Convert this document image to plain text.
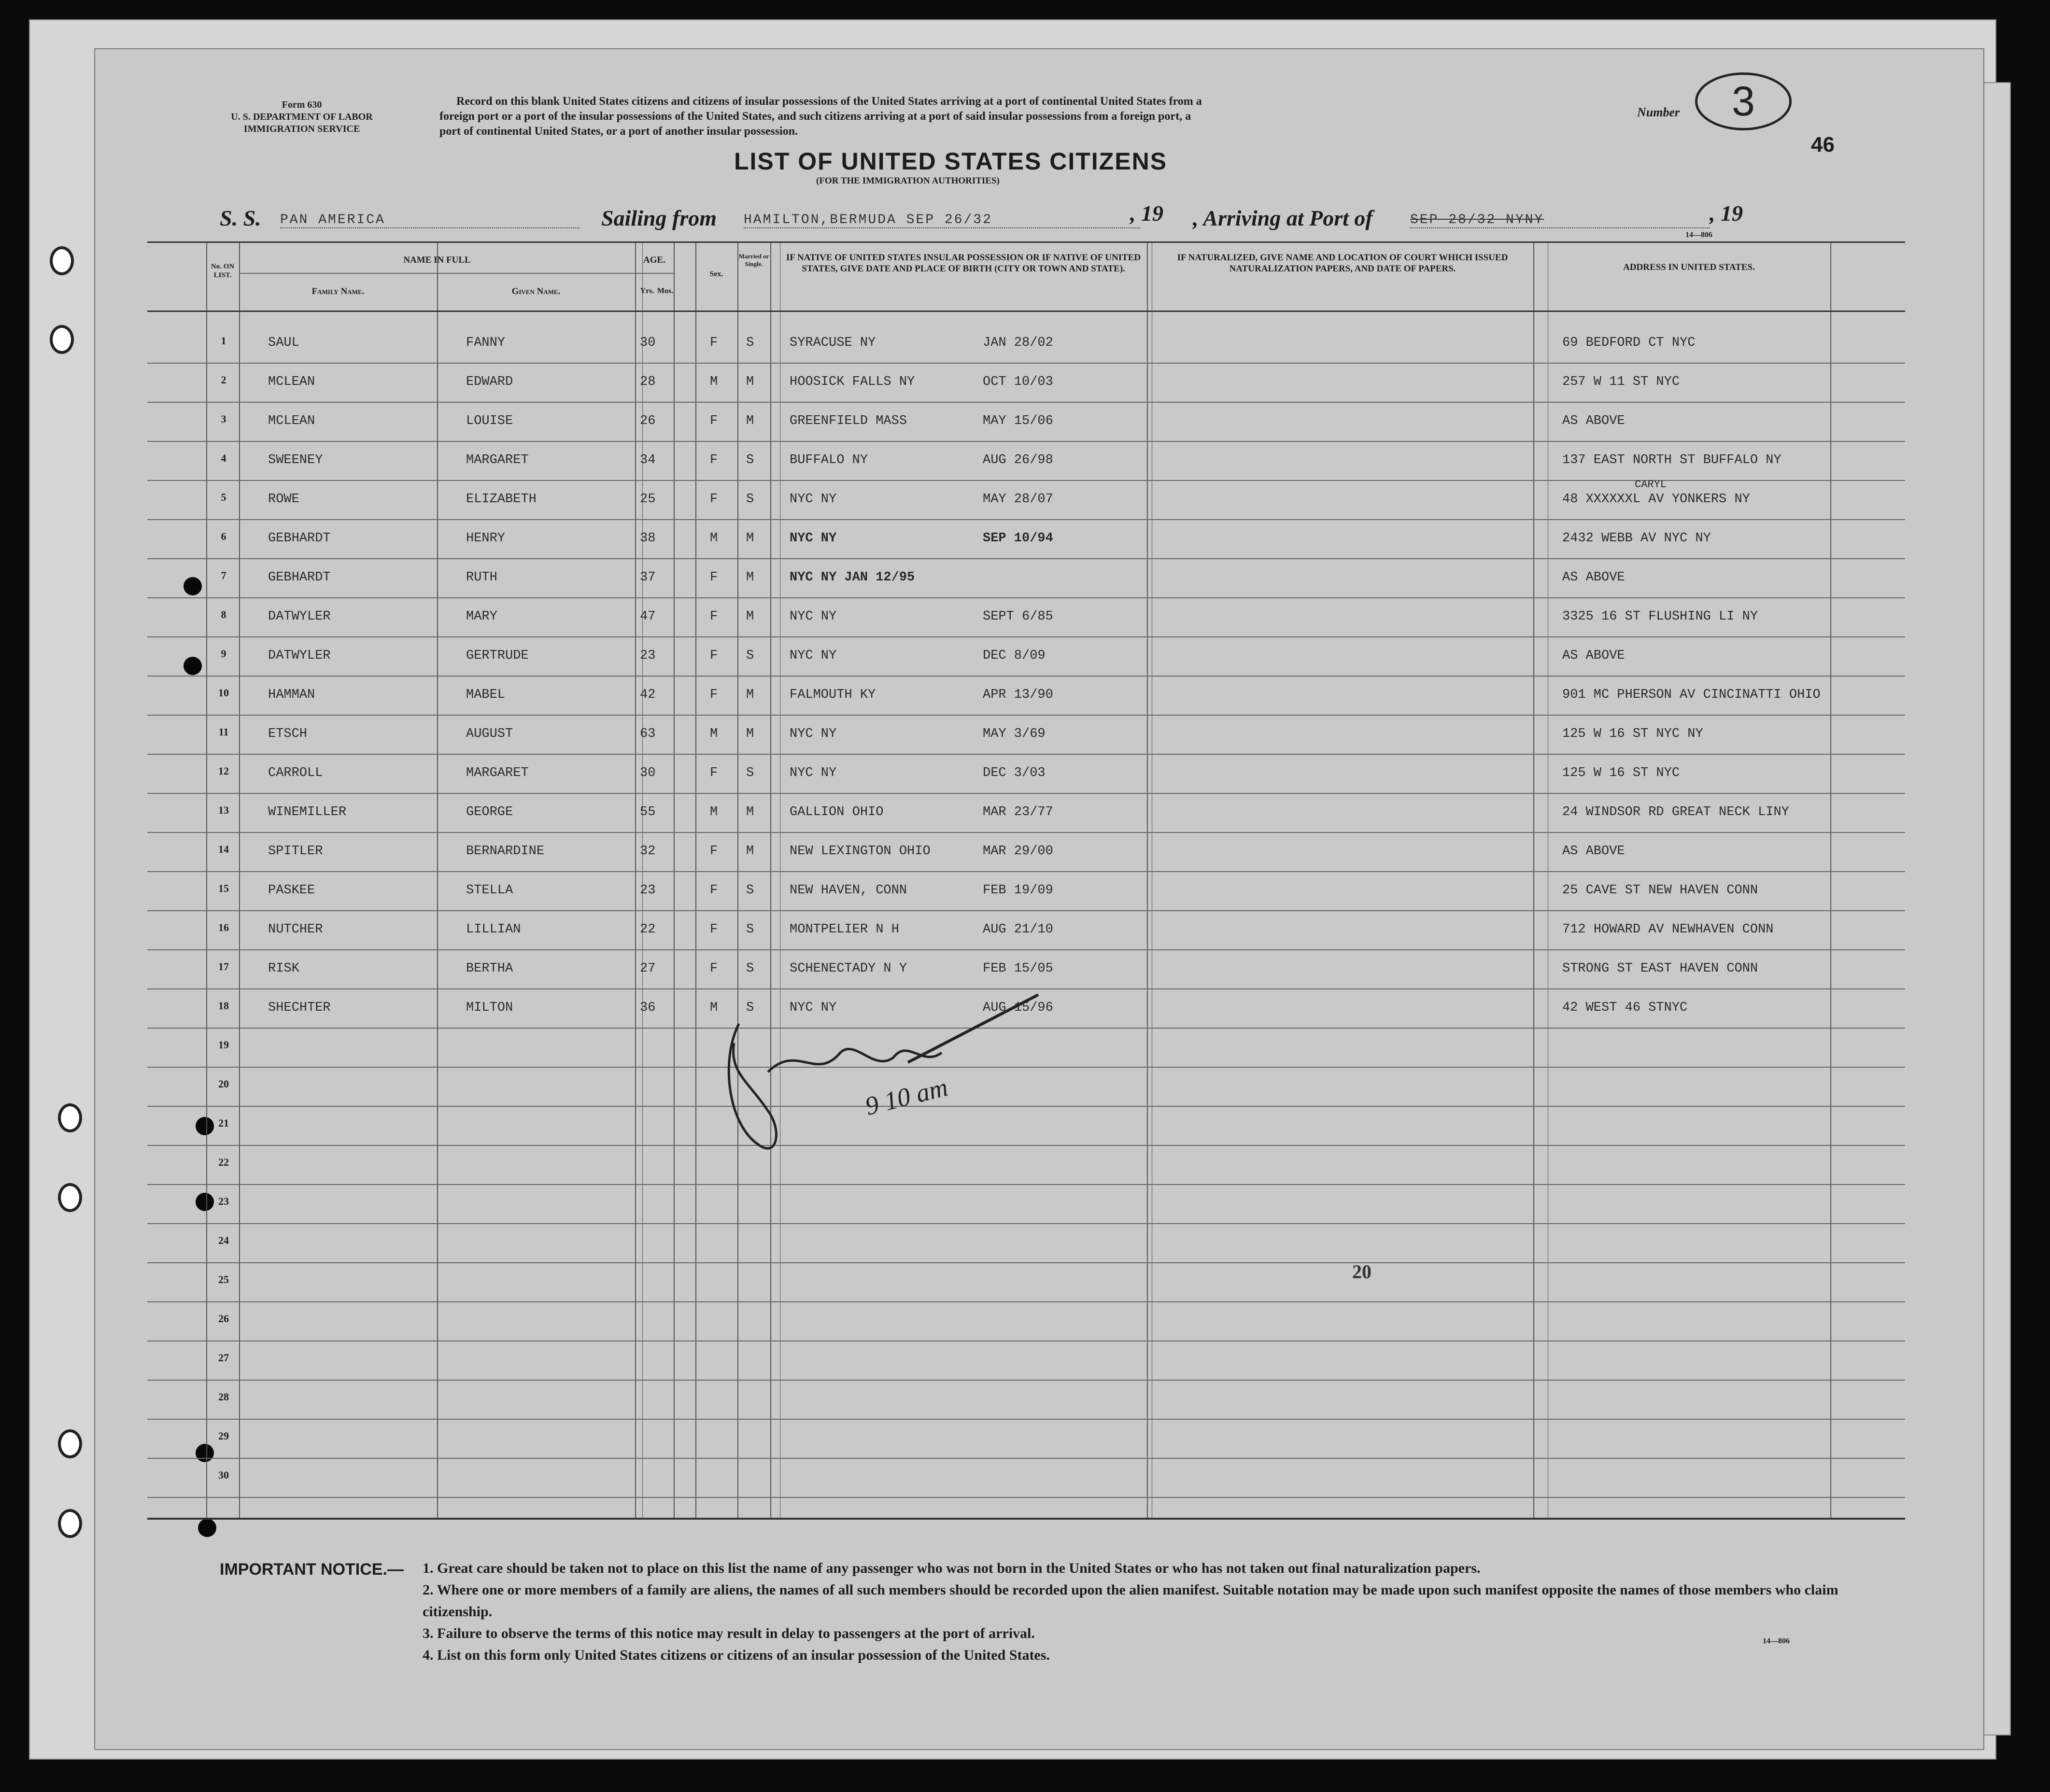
Form 630
U. S. DEPARTMENT OF LABOR
IMMIGRATION SERVICE
Record on this blank United States citizens and citizens of insular possessions of the United States arriving at a port of continental United States from a
foreign port or a port of the insular possessions of the United States, and such citizens arriving at a port of said insular possessions from a foreign port, a
port of continental United States, or a port of another insular possession.
Number	3
46
LIST OF UNITED STATES CITIZENS
(FOR THE IMMIGRATION AUTHORITIES)
S. S. PAN AMERICA	Sailing from HAMILTON,BERMUDA SEP 26/32	, 19 , Arriving at Port of	SEP 28/32 NYNY	, 19
14—806
No. ON LIST.
NAME IN FULL
Family Name.	Given Name.
AGE.
Yrs. Mos.
Sex.
Married or Single.
IF NATIVE OF UNITED STATES INSULAR POSSESSION OR IF NATIVE OF UNITED STATES, GIVE DATE AND PLACE OF BIRTH (CITY OR TOWN AND STATE).
IF NATURALIZED, GIVE NAME AND LOCATION OF COURT WHICH ISSUED NATURALIZATION PAPERS, AND DATE OF PAPERS.	ADDRESS IN UNITED STATES.
1	SAUL	FANNY	30	F S	SYRACUSE NY	JAN 28/02	69 BEDFORD CT NYC
2	MCLEAN	EDWARD	28	M M	HOOSICK FALLS NY	OCT 10/03	257 W 11 ST NYC
3	MCLEAN	LOUISE	26	F M	GREENFIELD MASS	MAY 15/06	AS ABOVE
4	SWEENEY	MARGARET	34	F S	BUFFALO NY	AUG 26/98	137 EAST NORTH ST BUFFALO NY
5	ROWE	ELIZABETH	25	F S	NYC NY	MAY 28/07	48 XXXXXXL AV YONKERS NY
CARYL
6	GEBHARDT	HENRY	38	M M	NYC NY	SEP 10/94	2432 WEBB AV NYC NY
7	GEBHARDT	RUTH	37	F M	NYC NY JAN 12/95	AS ABOVE
8	DATWYLER	MARY	47	F M	NYC NY	SEPT 6/85	3325 16 ST FLUSHING LI NY
9	DATWYLER	GERTRUDE	23	F S	NYC NY	DEC 8/09	AS ABOVE
10	HAMMAN	MABEL	42	F M	FALMOUTH KY	APR 13/90	901 MC PHERSON AV CINCINATTI OHIO
11	ETSCH	AUGUST	63	M M	NYC NY	MAY 3/69	125 W 16 ST NYC NY
12	CARROLL	MARGARET	30	F S	NYC NY	DEC 3/03	125 W 16 ST NYC
13	WINEMILLER	GEORGE	55	M M	GALLION OHIO	MAR 23/77	24 WINDSOR RD GREAT NECK LINY
14	SPITLER	BERNARDINE	32	F M	NEW LEXINGTON OHIO	MAR 29/00	AS ABOVE
15	PASKEE	STELLA	23	F S	NEW HAVEN, CONN	FEB 19/09	25 CAVE ST NEW HAVEN CONN
16	NUTCHER	LILLIAN	22	F S	MONTPELIER N H	AUG 21/10	712 HOWARD AV NEWHAVEN CONN
17	RISK	BERTHA	27	F S	SCHENECTADY N Y	FEB 15/05	STRONG ST EAST HAVEN CONN
18	SHECHTER	MILTON	36	M S	NYC NY	AUG 15/96	42 WEST 46 STNYC
19
20
21
22
23
24
25
26
27
28
29
30
9 10 am
20
IMPORTANT NOTICE.— 1. Great care should be taken not to place on this list the name of any passenger who was not born in the United States or who has not taken out final naturalization papers.
2. Where one or more members of a family are aliens, the names of all such members should be recorded upon the alien manifest. Suitable notation may be made upon such manifest opposite the names of those members who claim citizenship.
3. Failure to observe the terms of this notice may result in delay to passengers at the port of arrival.
4. List on this form only United States citizens or citizens of an insular possession of the United States.
14—806
